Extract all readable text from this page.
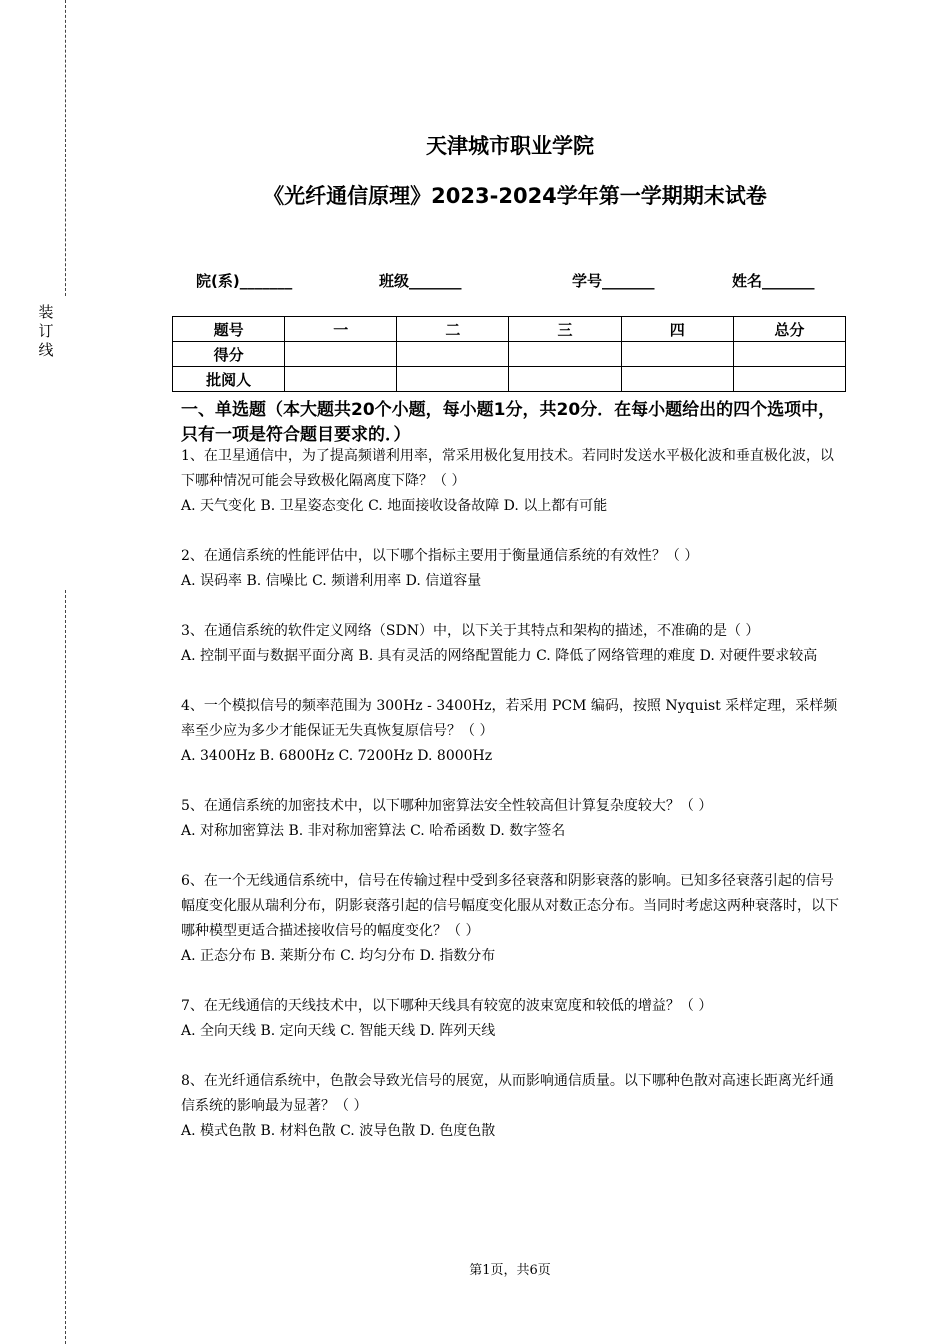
装订线
天津城市职业学院
《光纤通信原理》2023-2024学年第一学期期末试卷
院(系)_______	班级_______	学号_______	姓名_______
题号	一	二	三	四	总分
得分					
批阅人					
一、单选题（本大题共20个小题，每小题1分，共20分．在每小题给出的四个选项中，只有一项是符合题目要求的．）

1、在卫星通信中，为了提高频谱利用率，常采用极化复用技术。若同时发送水平极化波和垂直极化波，以下哪种情况可能会导致极化隔离度下降？（ ）

A. 天气变化 B. 卫星姿态变化 C. 地面接收设备故障 D. 以上都有可能

2、在通信系统的性能评估中，以下哪个指标主要用于衡量通信系统的有效性？（ ）

A. 误码率 B. 信噪比 C. 频谱利用率 D. 信道容量

3、在通信系统的软件定义网络（SDN）中，以下关于其特点和架构的描述，不准确的是（ ）

A. 控制平面与数据平面分离 B. 具有灵活的网络配置能力 C. 降低了网络管理的难度 D. 对硬件要求较高

4、一个模拟信号的频率范围为 300Hz - 3400Hz，若采用 PCM 编码，按照 Nyquist 采样定理，采样频率至少应为多少才能保证无失真恢复原信号？（ ）

A. 3400Hz B. 6800Hz C. 7200Hz D. 8000Hz

5、在通信系统的加密技术中，以下哪种加密算法安全性较高但计算复杂度较大？（ ）

A. 对称加密算法 B. 非对称加密算法 C. 哈希函数 D. 数字签名

6、在一个无线通信系统中，信号在传输过程中受到多径衰落和阴影衰落的影响。已知多径衰落引起的信号幅度变化服从瑞利分布，阴影衰落引起的信号幅度变化服从对数正态分布。当同时考虑这两种衰落时，以下哪种模型更适合描述接收信号的幅度变化？（ ）

A. 正态分布 B. 莱斯分布 C. 均匀分布 D. 指数分布

7、在无线通信的天线技术中，以下哪种天线具有较宽的波束宽度和较低的增益？（ ）

A. 全向天线 B. 定向天线 C. 智能天线 D. 阵列天线

8、在光纤通信系统中，色散会导致光信号的展宽，从而影响通信质量。以下哪种色散对高速长距离光纤通信系统的影响最为显著？（ ）

A. 模式色散 B. 材料色散 C. 波导色散 D. 色度色散

第1页，共6页
